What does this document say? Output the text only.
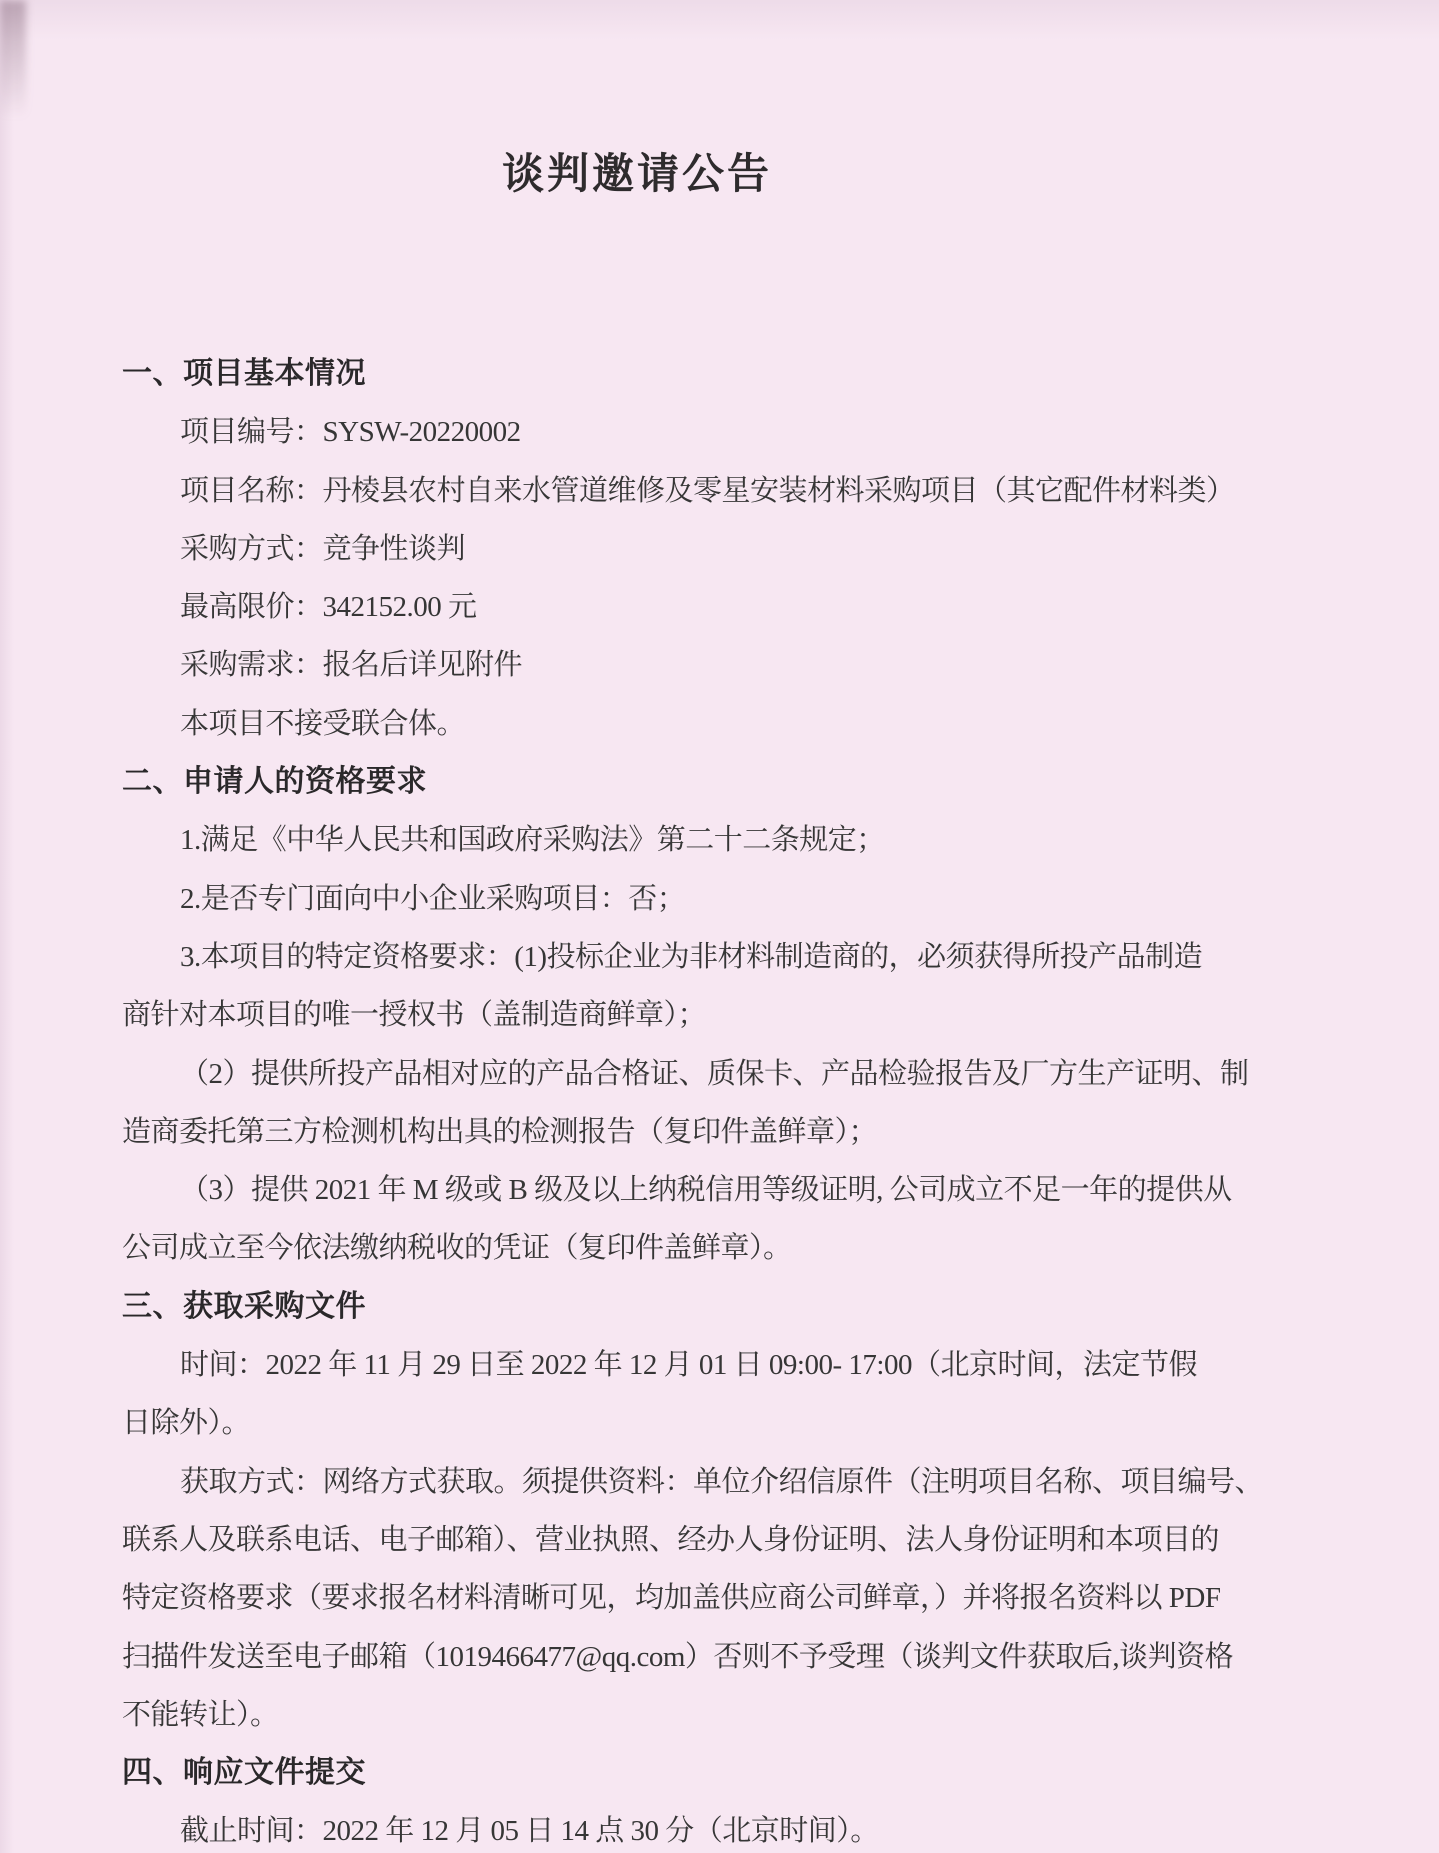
谈判邀请公告
一、项目基本情况
项目编号：SYSW-20220002
项目名称：丹棱县农村自来水管道维修及零星安装材料采购项目（其它配件材料类）
采购方式：竞争性谈判
最高限价：342152.00 元
采购需求：报名后详见附件
本项目不接受联合体。
二、申请人的资格要求
1.满足《中华人民共和国政府采购法》第二十二条规定；
2.是否专门面向中小企业采购项目：否；
3.本项目的特定资格要求：(1)投标企业为非材料制造商的，必须获得所投产品制造
商针对本项目的唯一授权书（盖制造商鲜章）；
（2）提供所投产品相对应的产品合格证、质保卡、产品检验报告及厂方生产证明、制
造商委托第三方检测机构出具的检测报告（复印件盖鲜章）；
（3）提供 2021 年 M 级或 B 级及以上纳税信用等级证明, 公司成立不足一年的提供从
公司成立至今依法缴纳税收的凭证（复印件盖鲜章）。
三、获取采购文件
时间：2022 年 11 月 29 日至 2022 年 12 月 01 日 09:00- 17:00（北京时间，法定节假
日除外）。
获取方式：网络方式获取。须提供资料：单位介绍信原件（注明项目名称、项目编号、
联系人及联系电话、电子邮箱）、营业执照、经办人身份证明、法人身份证明和本项目的
特定资格要求（要求报名材料清晰可见，均加盖供应商公司鲜章，）并将报名资料以 PDF
扫描件发送至电子邮箱（1019466477@qq.com）否则不予受理（谈判文件获取后,谈判资格
不能转让）。
四、响应文件提交
截止时间：2022 年 12 月 05 日 14 点 30 分（北京时间）。
